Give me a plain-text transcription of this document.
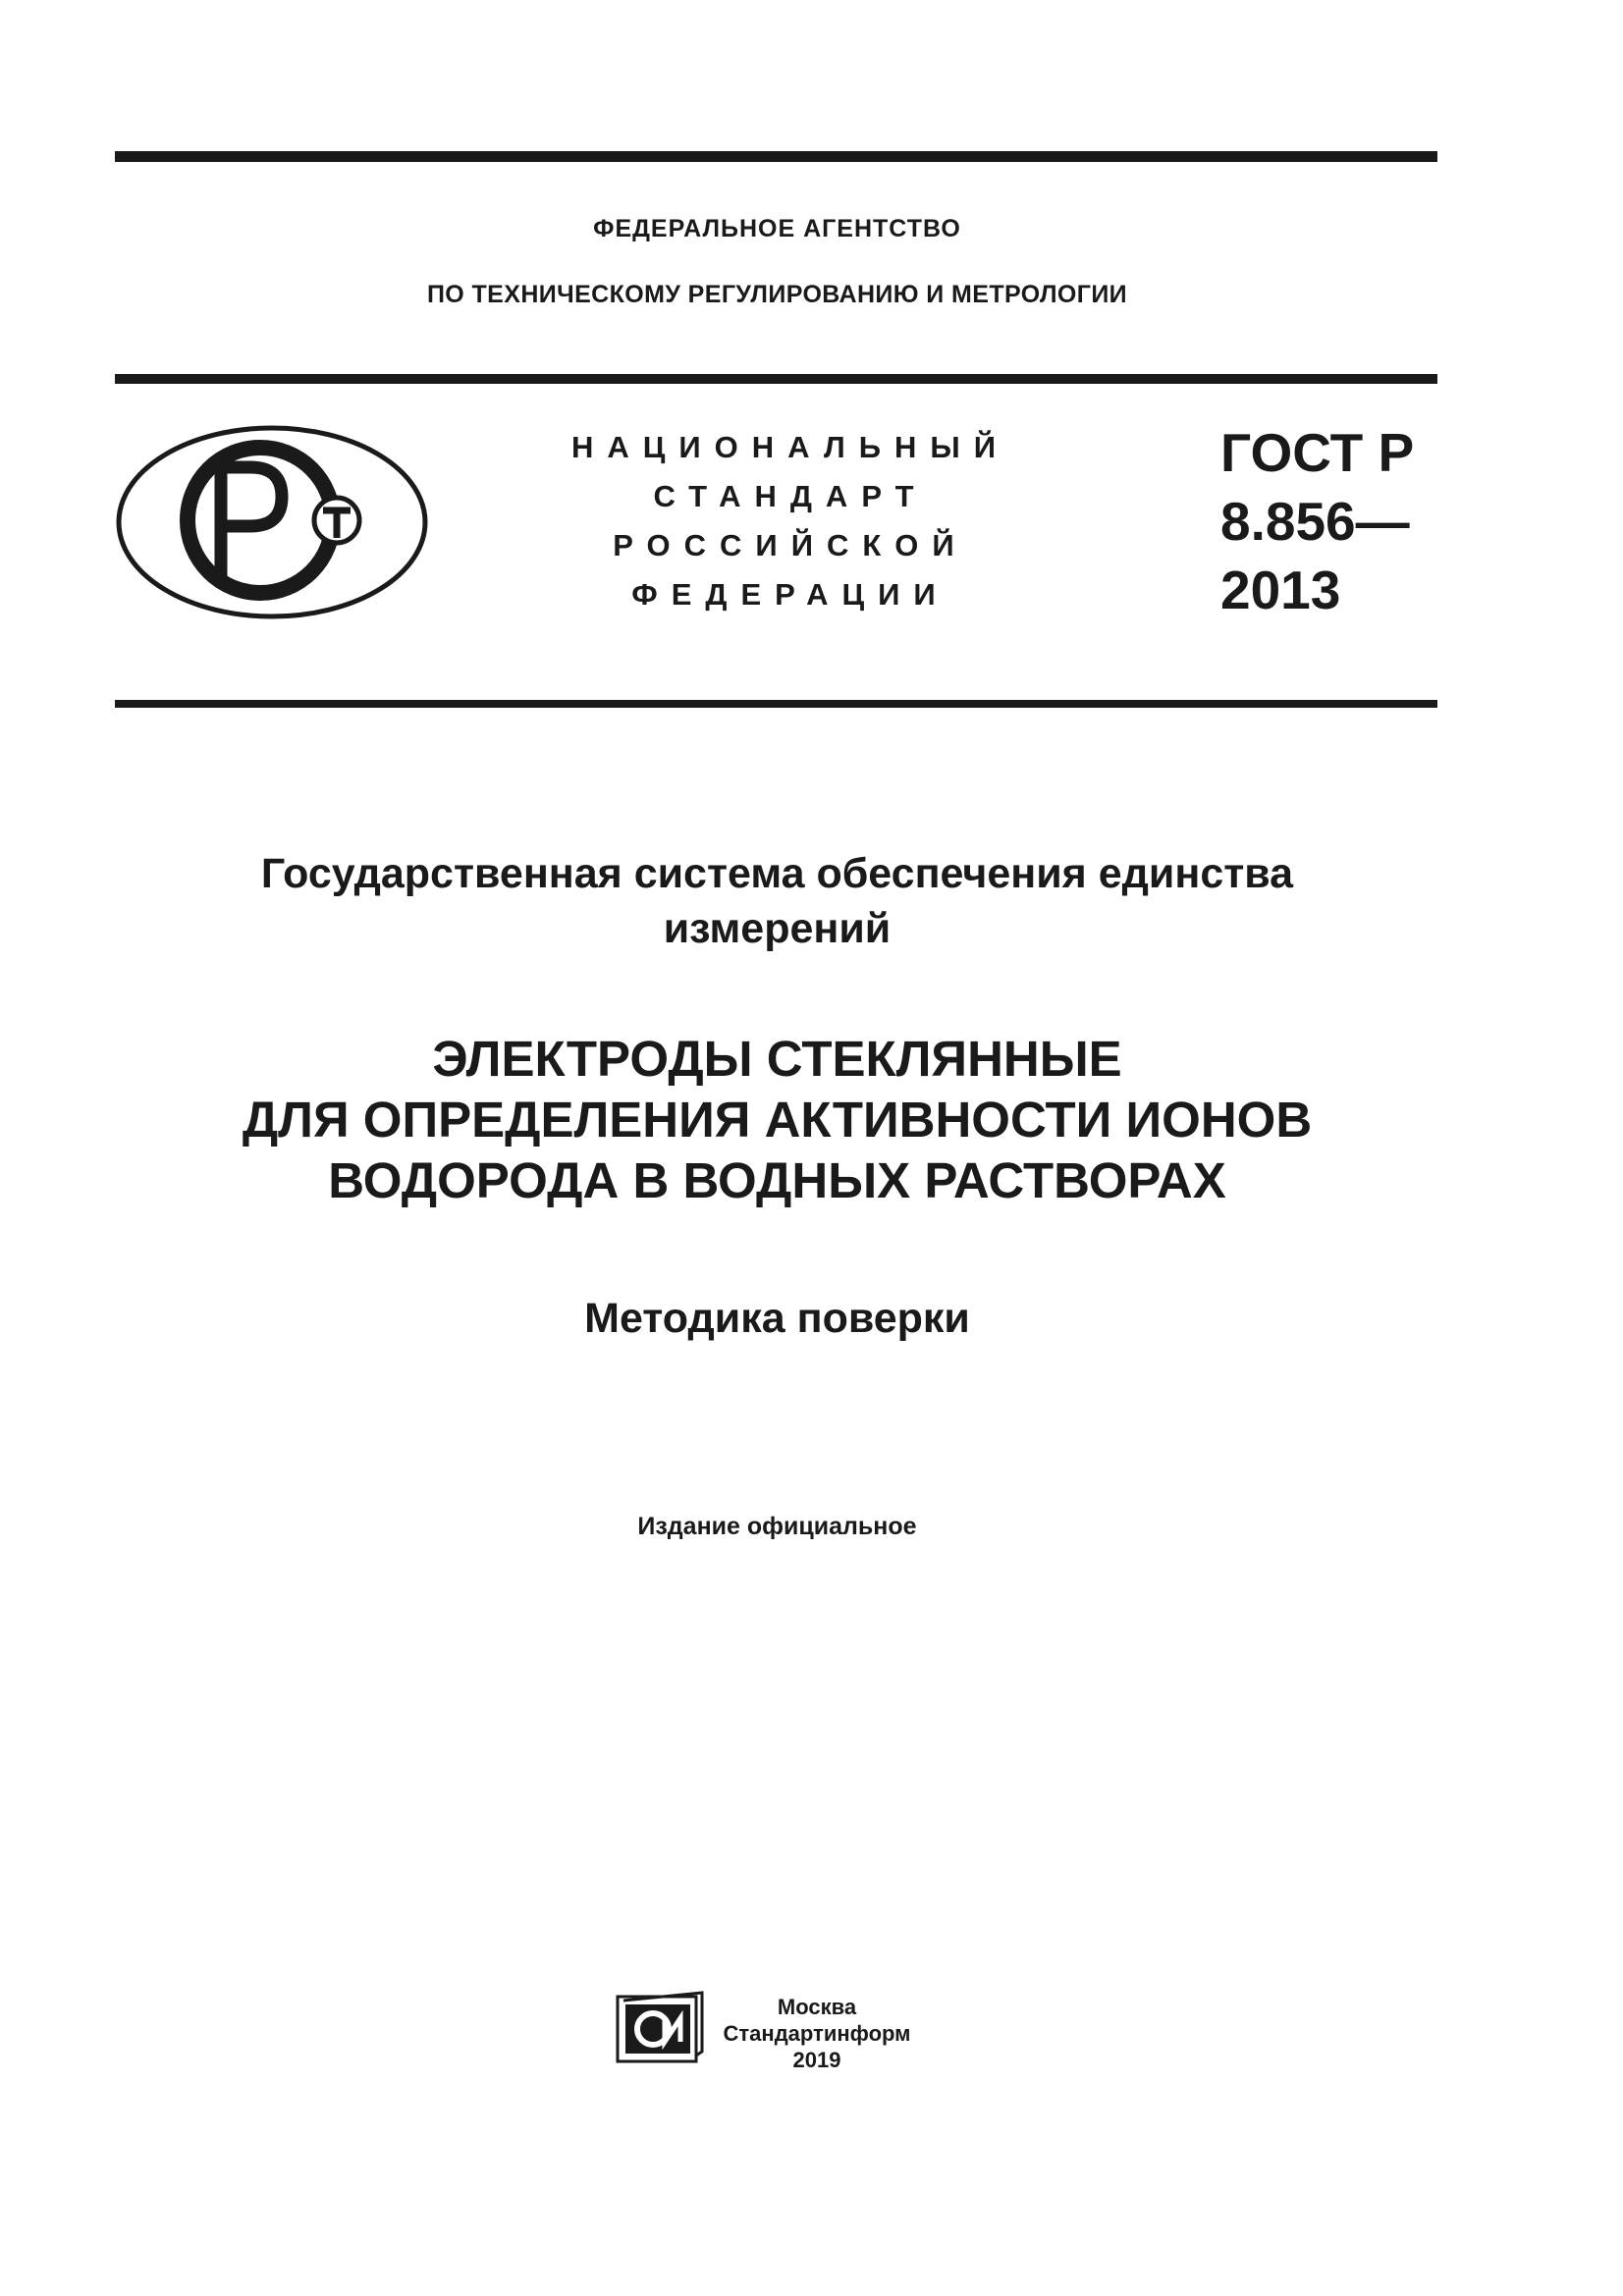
ФЕДЕРАЛЬНОЕ АГЕНТСТВО
ПО ТЕХНИЧЕСКОМУ РЕГУЛИРОВАНИЮ И МЕТРОЛОГИИ
НАЦИОНАЛЬНЫЙ
СТАНДАРТ
РОССИЙСКОЙ
ФЕДЕРАЦИИ
ГОСТ Р
8.856—
2013
Государственная система обеспечения единства
измерений
ЭЛЕКТРОДЫ СТЕКЛЯННЫЕ
ДЛЯ ОПРЕДЕЛЕНИЯ АКТИВНОСТИ ИОНОВ
ВОДОРОДА В ВОДНЫХ РАСТВОРАХ
Методика поверки
Издание официальное
Москва
Стандартинформ
2019
